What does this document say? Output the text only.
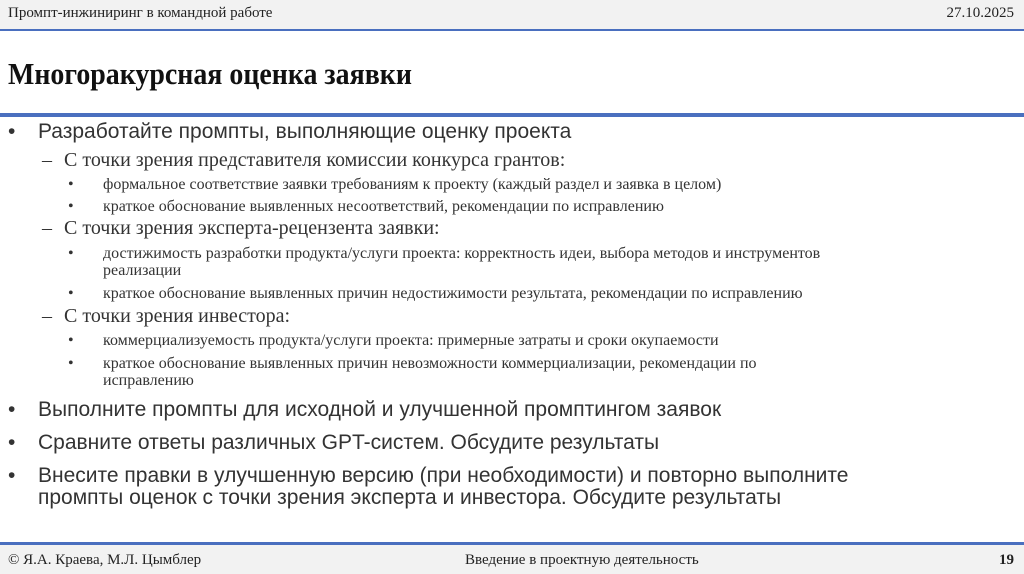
Промпт-инжиниринг в командной работе	27.10.2025
Многоракурсная оценка заявки
• Разработайте промпты, выполняющие оценку проекта
– С точки зрения представителя комиссии конкурса грантов:
• формальное соответствие заявки требованиям к проекту (каждый раздел и заявка в целом)
• краткое обоснование выявленных несоответствий, рекомендации по исправлению
– С точки зрения эксперта-рецензента заявки:
• достижимость разработки продукта/услуги проекта: корректность идеи, выбора методов и инструментов
реализации
• краткое обоснование выявленных причин недостижимости результата, рекомендации по исправлению
– С точки зрения инвестора:
• коммерциализуемость продукта/услуги проекта: примерные затраты и сроки окупаемости
• краткое обоснование выявленных причин невозможности коммерциализации, рекомендации по
исправлению
• Выполните промпты для исходной и улучшенной промптингом заявок
• Сравните ответы различных GPT-систем. Обсудите результаты
• Внесите правки в улучшенную версию (при необходимости) и повторно выполните
промпты оценок с точки зрения эксперта и инвестора. Обсудите результаты
© Я.А. Краева, М.Л. Цымблер	Введение в проектную деятельность	19
